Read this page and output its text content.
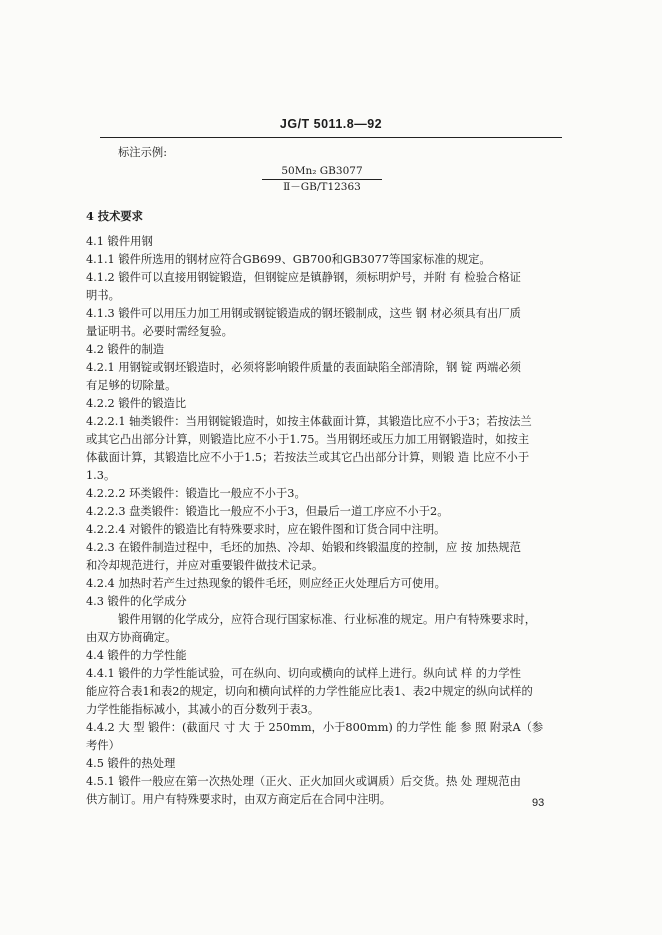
JG/T 5011.8—92
标注示例:
50Mn₂ GB3077
Ⅱ－GB/T12363
4 技术要求
4.1 锻件用钢
4.1.1 锻件所选用的钢材应符合GB699、GB700和GB3077等国家标准的规定。
4.1.2 锻件可以直接用钢锭锻造，但钢锭应是镇静钢，须标明炉号，并附 有 检验合格证
明书。
4.1.3 锻件可以用压力加工用钢或钢锭锻造成的钢坯锻制成，这些 钢 材必须具有出厂质
量证明书。必要时需经复验。
4.2 锻件的制造
4.2.1 用钢锭或钢坯锻造时，必须将影响锻件质量的表面缺陷全部清除，钢 锭 两端必须
有足够的切除量。
4.2.2 锻件的锻造比
4.2.2.1 轴类锻件：当用钢锭锻造时，如按主体截面计算，其锻造比应不小于3；若按法兰
或其它凸出部分计算，则锻造比应不小于1.75。当用钢坯或压力加工用钢锻造时，如按主
体截面计算，其锻造比应不小于1.5；若按法兰或其它凸出部分计算，则锻 造 比应不小于
1.3。
4.2.2.2 环类锻件：锻造比一般应不小于3。
4.2.2.3 盘类锻件：锻造比一般应不小于3，但最后一道工序应不小于2。
4.2.2.4 对锻件的锻造比有特殊要求时，应在锻件图和订货合同中注明。
4.2.3 在锻件制造过程中，毛坯的加热、冷却、始锻和终锻温度的控制，应 按 加热规范
和冷却规范进行，并应对重要锻件做技术记录。
4.2.4 加热时若产生过热现象的锻件毛坯，则应经正火处理后方可使用。
4.3 锻件的化学成分
锻件用钢的化学成分，应符合现行国家标准、行业标准的规定。用户有特殊要求时，
由双方协商确定。
4.4 锻件的力学性能
4.4.1 锻件的力学性能试验，可在纵向、切向或横向的试样上进行。纵向试 样 的力学性
能应符合表1和表2的规定，切向和横向试样的力学性能应比表1、表2中规定的纵向试样的
力学性能指标减小，其减小的百分数列于表3。
4.4.2 大 型 锻件：(截面尺 寸 大 于 250mm，小于800mm) 的力学性 能 参 照 附录A（参
考件）
4.5 锻件的热处理
4.5.1 锻件一般应在第一次热处理（正火、正火加回火或调质）后交货。热 处 理规范由
供方制订。用户有特殊要求时，由双方商定后在合同中注明。	93
